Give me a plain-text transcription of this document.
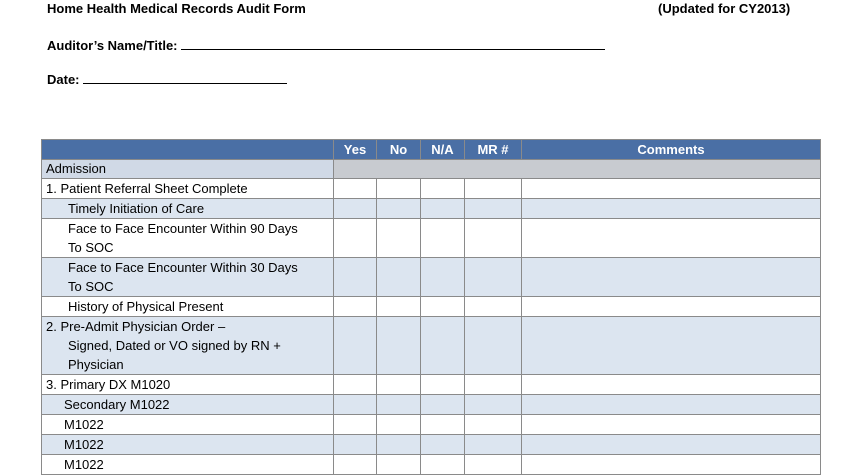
Home Health Medical Records Audit Form	(Updated for CY2013)
Auditor’s Name/Title:
Date:
	Yes	No	N/A	MR #	Comments
Admission					
1. Patient Referral Sheet Complete					
Timely Initiation of Care					

Face to Face Encounter Within 90 Days
To SOC					

Face to Face Encounter Within 30 Days
To SOC					

History of Physical Present					

2. Pre-Admit Physician Order –
Signed, Dated or VO signed by RN +
Physician					

3. Primary DX M1020					
Secondary M1022					
M1022					
M1022					
M1022					
